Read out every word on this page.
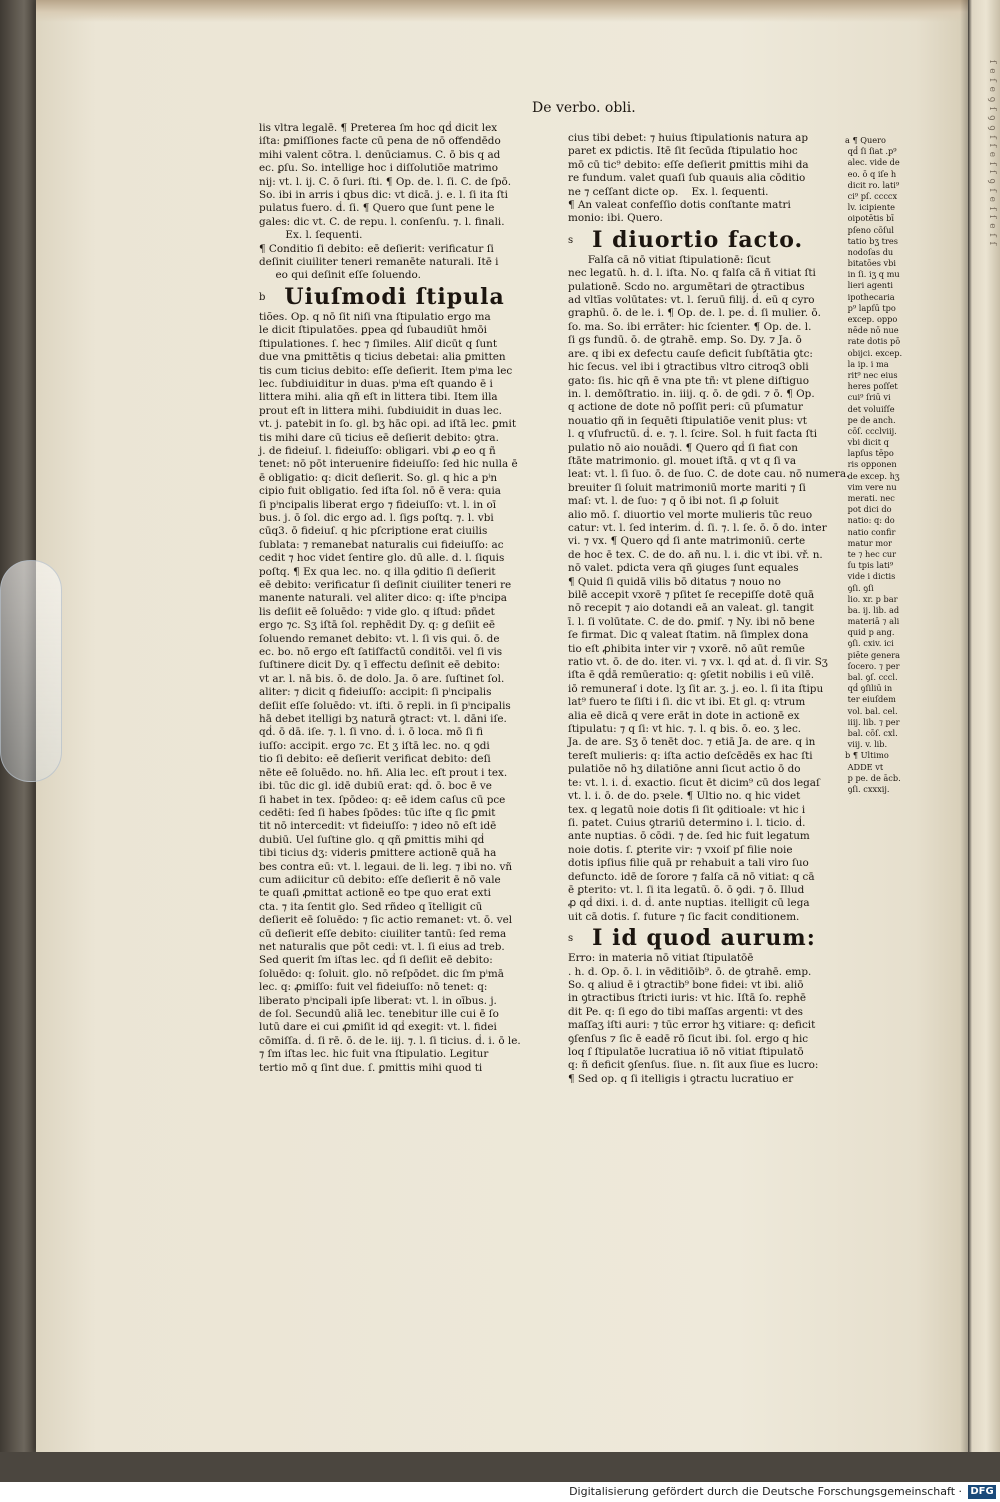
ſ e ſ e ꝯ ſ ꝯ ꝯ ſ ſ e ſ ſ ꝯ ſ e ſ ſ e ſ ſ
De verbo. obli.
lis vltra legalē. ¶ Preterea ſm hoc qḋ dicit lex
iſta: ꝑmiſſiones facte cū pena de nō offendēdo
mihi valent cōtra. l. denūciamus. C. ō bis q ad
ec. ꝑſu. So. intellige hoc i diſſolutiōe matrimo
nij: vt. l. ij. C. ō ſuri. ſti. ¶ Op. de. l. ſi. C. de ſpō.
So. ibi in arris i qbus dic: vt dicā. j. e. l. ſi ita ſti
pulatus fuero. ḋ. ſi. ¶ Quero que ſunt pene le
gales: dic vt. C. de repu. l. conſenſu. ⁊. l. finali.
Ex. l. ſequenti.
¶ Conditio ſi debito: eē deſierit: verificatur ſi
deſinit ciuiliter teneri remanēte naturali. Itē i
eo qui deſinit eſſe ſoluendo.
b Uiuſmodi ſtipula
tiões. Op. q nō ſit niſi vna ſtipulatio ergo ma
le dicit ſtipulatōes. ꝑpea qḋ ſubaudiūt hmōi
ſtipulationes. ſ. hec ⁊ ſimiles. Aliſ dicūt q ſunt
due vna ꝑmittētis q ticius debetai: alia ꝑmitten
tis cum ticius debito: eſſe deſierit. Item pⁱma lec
lec. ſubdiuiditur in duas. pⁱma eſt quando ē i
littera mihi. alia qñ eſt in littera tibi. Item illa
prout eſt in littera mihi. ſubdiuidit in duas lec.
vt. j. patebit in ſo. gl. bʒ hāc opi. ad iſtā lec. ꝑmit
tis mihi dare cū ticius eē deſierit debito: ꝯtra.
j. de fideiuſ. l. fideiuſſo: obligari. vbi ꝓ eo q ñ
tenet: nō pōt interuenire fideiuſſo: ſed hic nulla ē
ē obligatio: q: dicit deſierit. So. gl. q hic a pⁱn
cipio fuit obligatio. ſed iſta ſol. nō ē vera: quia
ſi pⁱncipalis liberat ergo ⁊ fideiuſſo: vt. l. in oī
bus. j. ō ſol. dic ergo ad. l. ſigs poſtq. ⁊. l. vbi
cūq3. ō fideiuſ. q hic pſcriptione erat ciuilis
ſublata: ⁊ remanebat naturalis cui fideiuſſo: ac
cedit ⁊ hoc videt ſentire glo. dū alle. d. l. ſiquis
poſtq. ¶ Ex qua lec. no. q illa ꝯditio ſi deſierit
eē debito: verificatur ſi deſinit ciuiliter teneri re
manente naturali. vel aliter dico: q: iſte pⁱncipa
lis deſiit eē ſoluēdo: ⁊ vide glo. q iſtud: pñdet
ergo ⁊c. Sʒ iſtā ſol. rephēdit Dy. q: g deſiit eē
ſoluendo remanet debito: vt. l. ſi vis qui. ō. de
ec. bo. nō ergo eſt ſatiſfactū conditōi. vel ſi vis
ſuſtinere dicit Dy. q ī effectu deſinit eē debito:
vt ar. l. nā bis. ō. de dolo. Ja. ō are. ſuſtinet ſol.
aliter: ⁊ dicit q fideiuſſo: accipit: ſi pⁱncipalis
deſiit eſſe ſoluēdo: vt. iſti. ō repli. in ſi pⁱncipalis
hā debet itelligi bʒ naturā ꝯtract: vt. l. dāni iſe.
qḋ. ō dā. iſe. ⁊. l. ſi vno. ḋ. i. ō loca. mō ſi fi
iuſſo: accipit. ergo ⁊c. Et ʒ iſtā lec. no. q ꝯdi
tio ſi debito: eē deſierit verificat debito: deſi
nēte eē ſoluēdo. no. hñ. Alia lec. eſt prout i tex.
ibi. tūc dic gl. idē dubiū erat: qḋ. ō. boc ē ve
ſi habet in tex. ſpōdeo: q: eē idem caſus cū pce
cedēti: ſed ſi habes ſpōdes: tūc iſte q ſic ꝑmit
tit nō intercedit: vt fideiuſſo: ⁊ ideo nō eſt idē
dubiū. Uel ſuſtine glo. q qñ ꝑmittis mihi qḋ
tibi ticius dʒ: videris ꝑmittere actionē quā ha
bes contra eū: vt. l. legaui. de li. leg. ⁊ ibi no. vñ
cum adiicitur cū debito: eſſe deſierit ē nō vale
te quaſi ꝓmittat actionē eo tpe quo erat exti
cta. ⁊ ita ſentit glo. Sed rñdeo q ītelligit cū
deſierit eē ſoluēdo: ⁊ ſic actio remanet: vt. ō. vel
cū deſierit eſſe debito: ciuiliter tantū: ſed rema
net naturalis que pōt cedi: vt. l. ſi eius ad treb.
Sed querit ſm iſtas lec. qḋ ſi deſiit eē debito:
ſoluēdo: q: ſoluit. glo. nō reſpōdet. dic ſm pⁱmā
lec. q: ꝓmiſſo: fuit vel fideiuſſo: nō tenet: q:
liberato pⁱncipali ipſe liberat: vt. l. in oībus. j.
de ſol. Secundū aliā lec. tenebitur ille cui ē ſo
lutū dare ei cui ꝓmiſit id qḋ exegit: vt. l. fidei
cōmiſſa. ḋ. ſi rē. ō. de le. iij. ⁊. l. ſi ticius. ḋ. i. ō le.
⁊ ſm iſtas lec. hic fuit vna ſtipulatio. Legitur
tertio mō q ſint due. ſ. ꝑmittis mihi quod ti
cius tibi debet: ⁊ huius ſtipulationis natura ap
paret ex pdictis. Itē ſit ſecūda ſtipulatio hoc
mō cū tic⁹ debito: eſſe deſierit ꝑmittis mihi da
re fundum. valet quaſi ſub quauis alia cōditio
ne ⁊ ceſſant dicte op.    Ex. l. ſequenti.
¶ An valeat confeſſio dotis conſtante matri
monio: ibi. Quero.
s I diuortio facto.
Falſa cā nō vitiat ſtipulationē: ſicut
nec legatū. h. d. l. iſta. No. q falſa cā ñ vitiat ſti
pulationē. Scdo no. argumētari de ꝯtractibus
ad vltīas volūtates: vt. l. ſeruū filij. ḋ. eū q cyro
graphū. ō. de le. i. ¶ Op. de. l. pe. ḋ. ſi mulier. ō.
ſo. ma. So. ibi errāter: hic ſcienter. ¶ Op. de. l.
ſi gs fundū. ō. de ꝯtrahē. emp. So. Dy. ⁊ Ja. ō
are. q ibi ex defectu cauſe deficit ſubſtātia ꝯtc:
hic ſecus. vel ibi i ꝯtractibus vltro citroq3 obli
gato: ſis. hic qñ ē vna pte tñ: vt plene diſtiguo
in. l. demōſtratio. in. iiij. q. ō. de ꝯdi. ⁊ ō. ¶ Op.
q actione de dote nō poſſit peri: cū pſumatur
nouatio qñ in ſequēti ſtipulatiōe venit plus: vt
l. q vſufructū. ḋ. e. ⁊. l. ſcire. Sol. h fuit facta ſti
pulatio nō aio nouādi. ¶ Quero qḋ ſi fiat con
ſtāte matrimonio. gl. mouet iſtā. q vt q ſi va
leat: vt. l. ſi ſuo. ō. de ſuo. C. de dote cau. nō numera.
breuiter ſi ſoluit matrimoniū morte mariti ⁊ ſi
maſ: vt. l. de ſuo: ⁊ q ō ibi not. ſi ꝓ ſoluit
alio mō. ſ. diuortio vel morte mulieris tūc reuo
catur: vt. l. ſed interim. ḋ. ſi. ⁊. l. ſe. ō. ō do. inter
vi. ⁊ vx. ¶ Quero qḋ ſi ante matrimoniū. certe
de hoc ē tex. C. de do. añ nu. l. i. dic vt ibi. vř. n.
nō valet. pdicta vera qñ ꝯiuges ſunt equales
¶ Quid ſi quidā vilis bō ditatus ⁊ nouo no
bilē accepit vxorē ⁊ pſitet ſe recepiſſe dotē quā
nō recepit ⁊ aio dotandi eā an valeat. gl. tangit
ī. l. ſi volūtate. C. de do. ꝑmiſ. ⁊ Ny. ibi nō bene
ſe firmat. Dic q valeat ſtatim. nā ſimplex dona
tio eſt ꝓhibita inter vir ⁊ vxorē. nō aūt remūe
ratio vt. ō. de do. iter. vi. ⁊ vx. l. qḋ at. ḋ. ſi vir. Sʒ
iſta ē qḋā remūeratio: q: ꝯſetit nobilis i eū vilē.
iō remuneraſ i dote. lʒ ſit ar. ʒ. j. eo. l. ſi ita ſtipu
lat⁹ fuero te ſiſti i ſi. dic vt ibi. Et gl. q: vtrum
alia eē dicā q vere erāt in dote in actionē ex
ſtipulatu: ⁊ q ſi: vt hic. ⁊. l. q bis. ō. eo. ʒ lec.
Ja. de are. Sʒ ō tenēt doc. ⁊ etiā Ja. de are. q in
tereſt mulieris: q: iſta actio deſcēdēs ex hac ſti
pulatiōe nō hʒ dilatiōne anni ſicut actio ō do
te: vt. l. i. ḋ. exactio. ſicut ēt dicim⁹ cū dos legaſ
vt. l. i. ō. de do. pꝛele. ¶ Ultio no. q hic videt
tex. q legatū noie dotis ſi ſit ꝯditioale: vt hic i
ſi. patet. Cuius ꝯtrariū determino i. l. ticio. ḋ.
ante nuptias. ō cōdi. ⁊ de. ſed hic fuit legatum
noie dotis. ſ. ꝑterite vir: ⁊ vxoiſ pſ filie noie
dotis ipſius filie quā pr rehabuit a tali viro ſuo
defuncto. idē de ſorore ⁊ falſa cā nō vitiat: q cā
ē ꝑterito: vt. l. ſi ita legatū. ō. ō ꝯdi. ⁊ ō. Illud
ꝓ qḋ dixi. i. d. ḋ. ante nuptias. itelligit cū lega
uit cā dotis. ſ. future ⁊ ſic facit conditionem.
s I id quod aurum:
Erro: in materia nō vitiat ſtipulatōē
. h. d. Op. ō. l. in vēditiōib⁹. ō. de ꝯtrahē. emp.
So. q aliud ē i ꝯtractib⁹ bone fidei: vt ibi. aliō
in ꝯtractibus ſtricti iuris: vt hic. Iſtā ſo. rephē
dit Pe. q: ſi ego do tibi maſſas argenti: vt des
maſſaʒ iſti auri: ⁊ tūc error hʒ vitiare: q: deficit
ꝯſenſus ⁊ ſic ē eadē rō ſicut ibi. ſol. ergo q hic
loq ſ ſtipulatōe lucratiua iō nō vitiat ſtipulatō
q: ñ deficit ꝯſenſus. ſiue. n. ſit aux ſiue es lucro:
¶ Sed op. q ſi itelligis i ꝯtractu lucratiuo er
a ¶ Quero
qḋ ſi ſiat .p⁹
alec. vide de
eo. ō q iſe h
dicit ro. lati⁹
ci⁹ pſ. ccccx
lv. icipiente
oipotētis bī
pſeno cōſul
tatio bʒ tres
nodoſas du
bitatōes vbi
in ſi. iʒ q mu
lieri agenti
ipothecaria
p⁹ lapſū tpo
excep. oppo
nēde nō nue
rate dotis pō
obijci. excep.
la ip. i ma
rit⁹ nec eius
heres poſſet
cui⁹ ſriū vi
det voluiſſe
pe de anch.
cōſ. ccclviij.
vbi dicit q
lapſus tēpo
ris opponen
de excep. hʒ
vim vere nu
merati. nec
pot dici do
natio: q: do
natio confir
matur mor
te ⁊ hec cur
ſu tpis lati⁹
vide i dictis
ꝯſi. ꝯſi
lio. xr. p bar
ba. ij. lib. ad
materiā ⁊ ali
quid p ang.
ꝯſi. cxiv. ici
piēte genera
ſocero. ⁊ per
bal. ꝯſ. cccl.
qḋ ꝯſiliū in
ter eiuſdem
vol. bal. cel.
iiij. lib. ⁊ per
bal. cōſ. cxl.
viij. v. lib.
b ¶ Ultimo
ADDE vt
p pe. de ācb.
ꝯſi. cxxxij.
Digitalisierung gefördert durch die Deutsche Forschungsgemeinschaft · DFG
